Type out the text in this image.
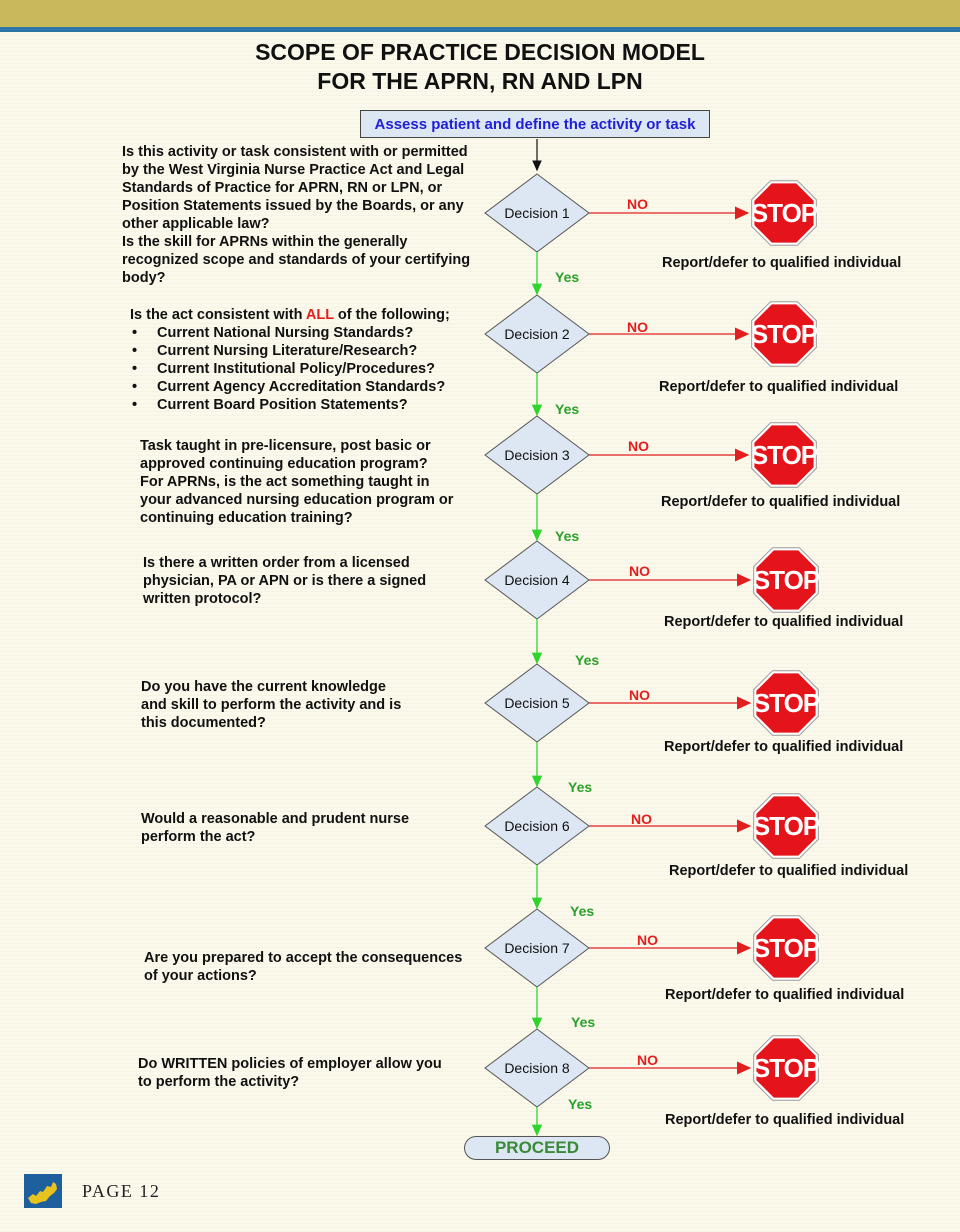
SCOPE OF PRACTICE DECISION MODEL
FOR THE APRN, RN AND LPN
STOP
STOP
STOP
STOP
STOP
STOP
STOP
STOP
Assess patient and define the activity or task
Is this activity or task consistent with or permitted
by the West Virginia Nurse Practice Act and Legal
Standards of Practice for APRN, RN or LPN, or
Position Statements issued by the Boards, or any
other applicable law?
Is the skill for APRNs within the generally
recognized scope and standards of your certifying
body?
Is the act consistent with ALL of the following;
• Current National Nursing Standards?
• Current Nursing Literature/Research?
• Current Institutional Policy/Procedures?
• Current Agency Accreditation Standards?
• Current Board Position Statements?
Task taught in pre-licensure, post basic or
approved continuing education program?
For APRNs, is the act something taught in
your advanced nursing education program or
continuing education training?
Is there a written order from a licensed
physician, PA or APN or is there a signed
written protocol?
Do you have the current knowledge
and skill to perform the activity and is
this documented?
Would a reasonable and prudent nurse
perform the act?
Are you prepared to accept the consequences
of your actions?
Do WRITTEN policies of employer allow you
to perform the activity?
Decision 1
NO
Yes
Report/defer to qualified individual
Decision 2	NO
Yes
Report/defer to qualified individual
Decision 3
NO
Yes
Report/defer to qualified individual
Decision 4
NO
Yes
Report/defer to qualified individual
Decision 5	NO
Yes
Report/defer to qualified individual
Decision 6	NO
Yes
Report/defer to qualified individual
Decision 7	NO
Yes
Report/defer to qualified individual
Decision 8	NO
Yes
Report/defer to qualified individual
PROCEED
PAGE 12
